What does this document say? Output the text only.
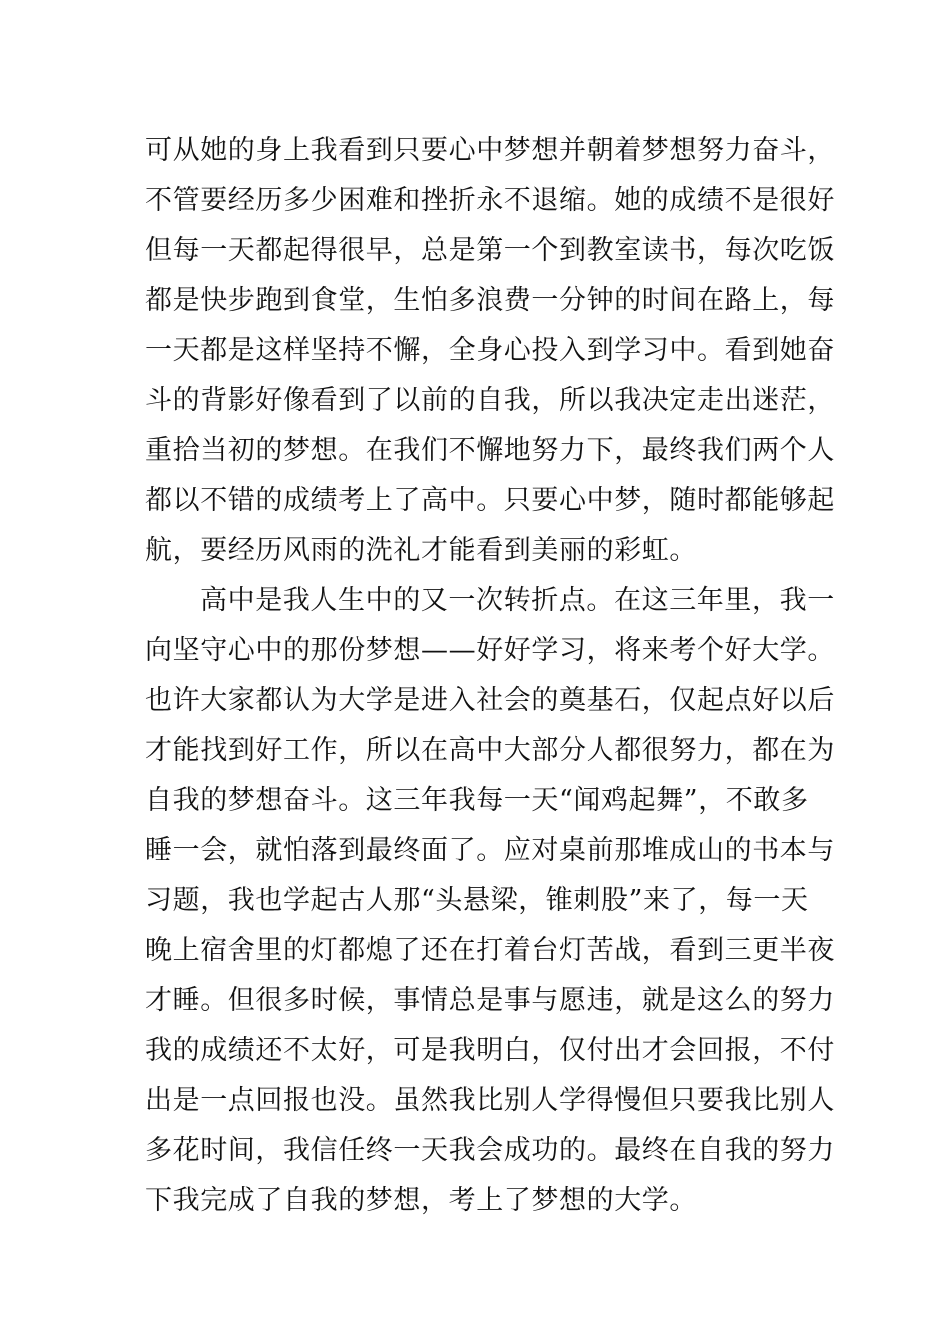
可从她的身上我看到只要心中梦想并朝着梦想努力奋斗，
不管要经历多少困难和挫折永不退缩。她的成绩不是很好
但每一天都起得很早，总是第一个到教室读书，每次吃饭
都是快步跑到食堂，生怕多浪费一分钟的时间在路上，每
一天都是这样坚持不懈，全身心投入到学习中。看到她奋
斗的背影好像看到了以前的自我，所以我决定走出迷茫，
重拾当初的梦想。在我们不懈地努力下，最终我们两个人
都以不错的成绩考上了高中。只要心中梦，随时都能够起
航，要经历风雨的洗礼才能看到美丽的彩虹。
高中是我人生中的又一次转折点。在这三年里，我一
向坚守心中的那份梦想——好好学习，将来考个好大学。
也许大家都认为大学是进入社会的奠基石，仅起点好以后
才能找到好工作，所以在高中大部分人都很努力，都在为
自我的梦想奋斗。这三年我每一天“闻鸡起舞”，不敢多
睡一会，就怕落到最终面了。应对桌前那堆成山的书本与
习题，我也学起古人那“头悬梁，锥刺股”来了，每一天
晚上宿舍里的灯都熄了还在打着台灯苦战，看到三更半夜
才睡。但很多时候，事情总是事与愿违，就是这么的努力
我的成绩还不太好，可是我明白，仅付出才会回报，不付
出是一点回报也没。虽然我比别人学得慢但只要我比别人
多花时间，我信任终一天我会成功的。最终在自我的努力
下我完成了自我的梦想，考上了梦想的大学。
